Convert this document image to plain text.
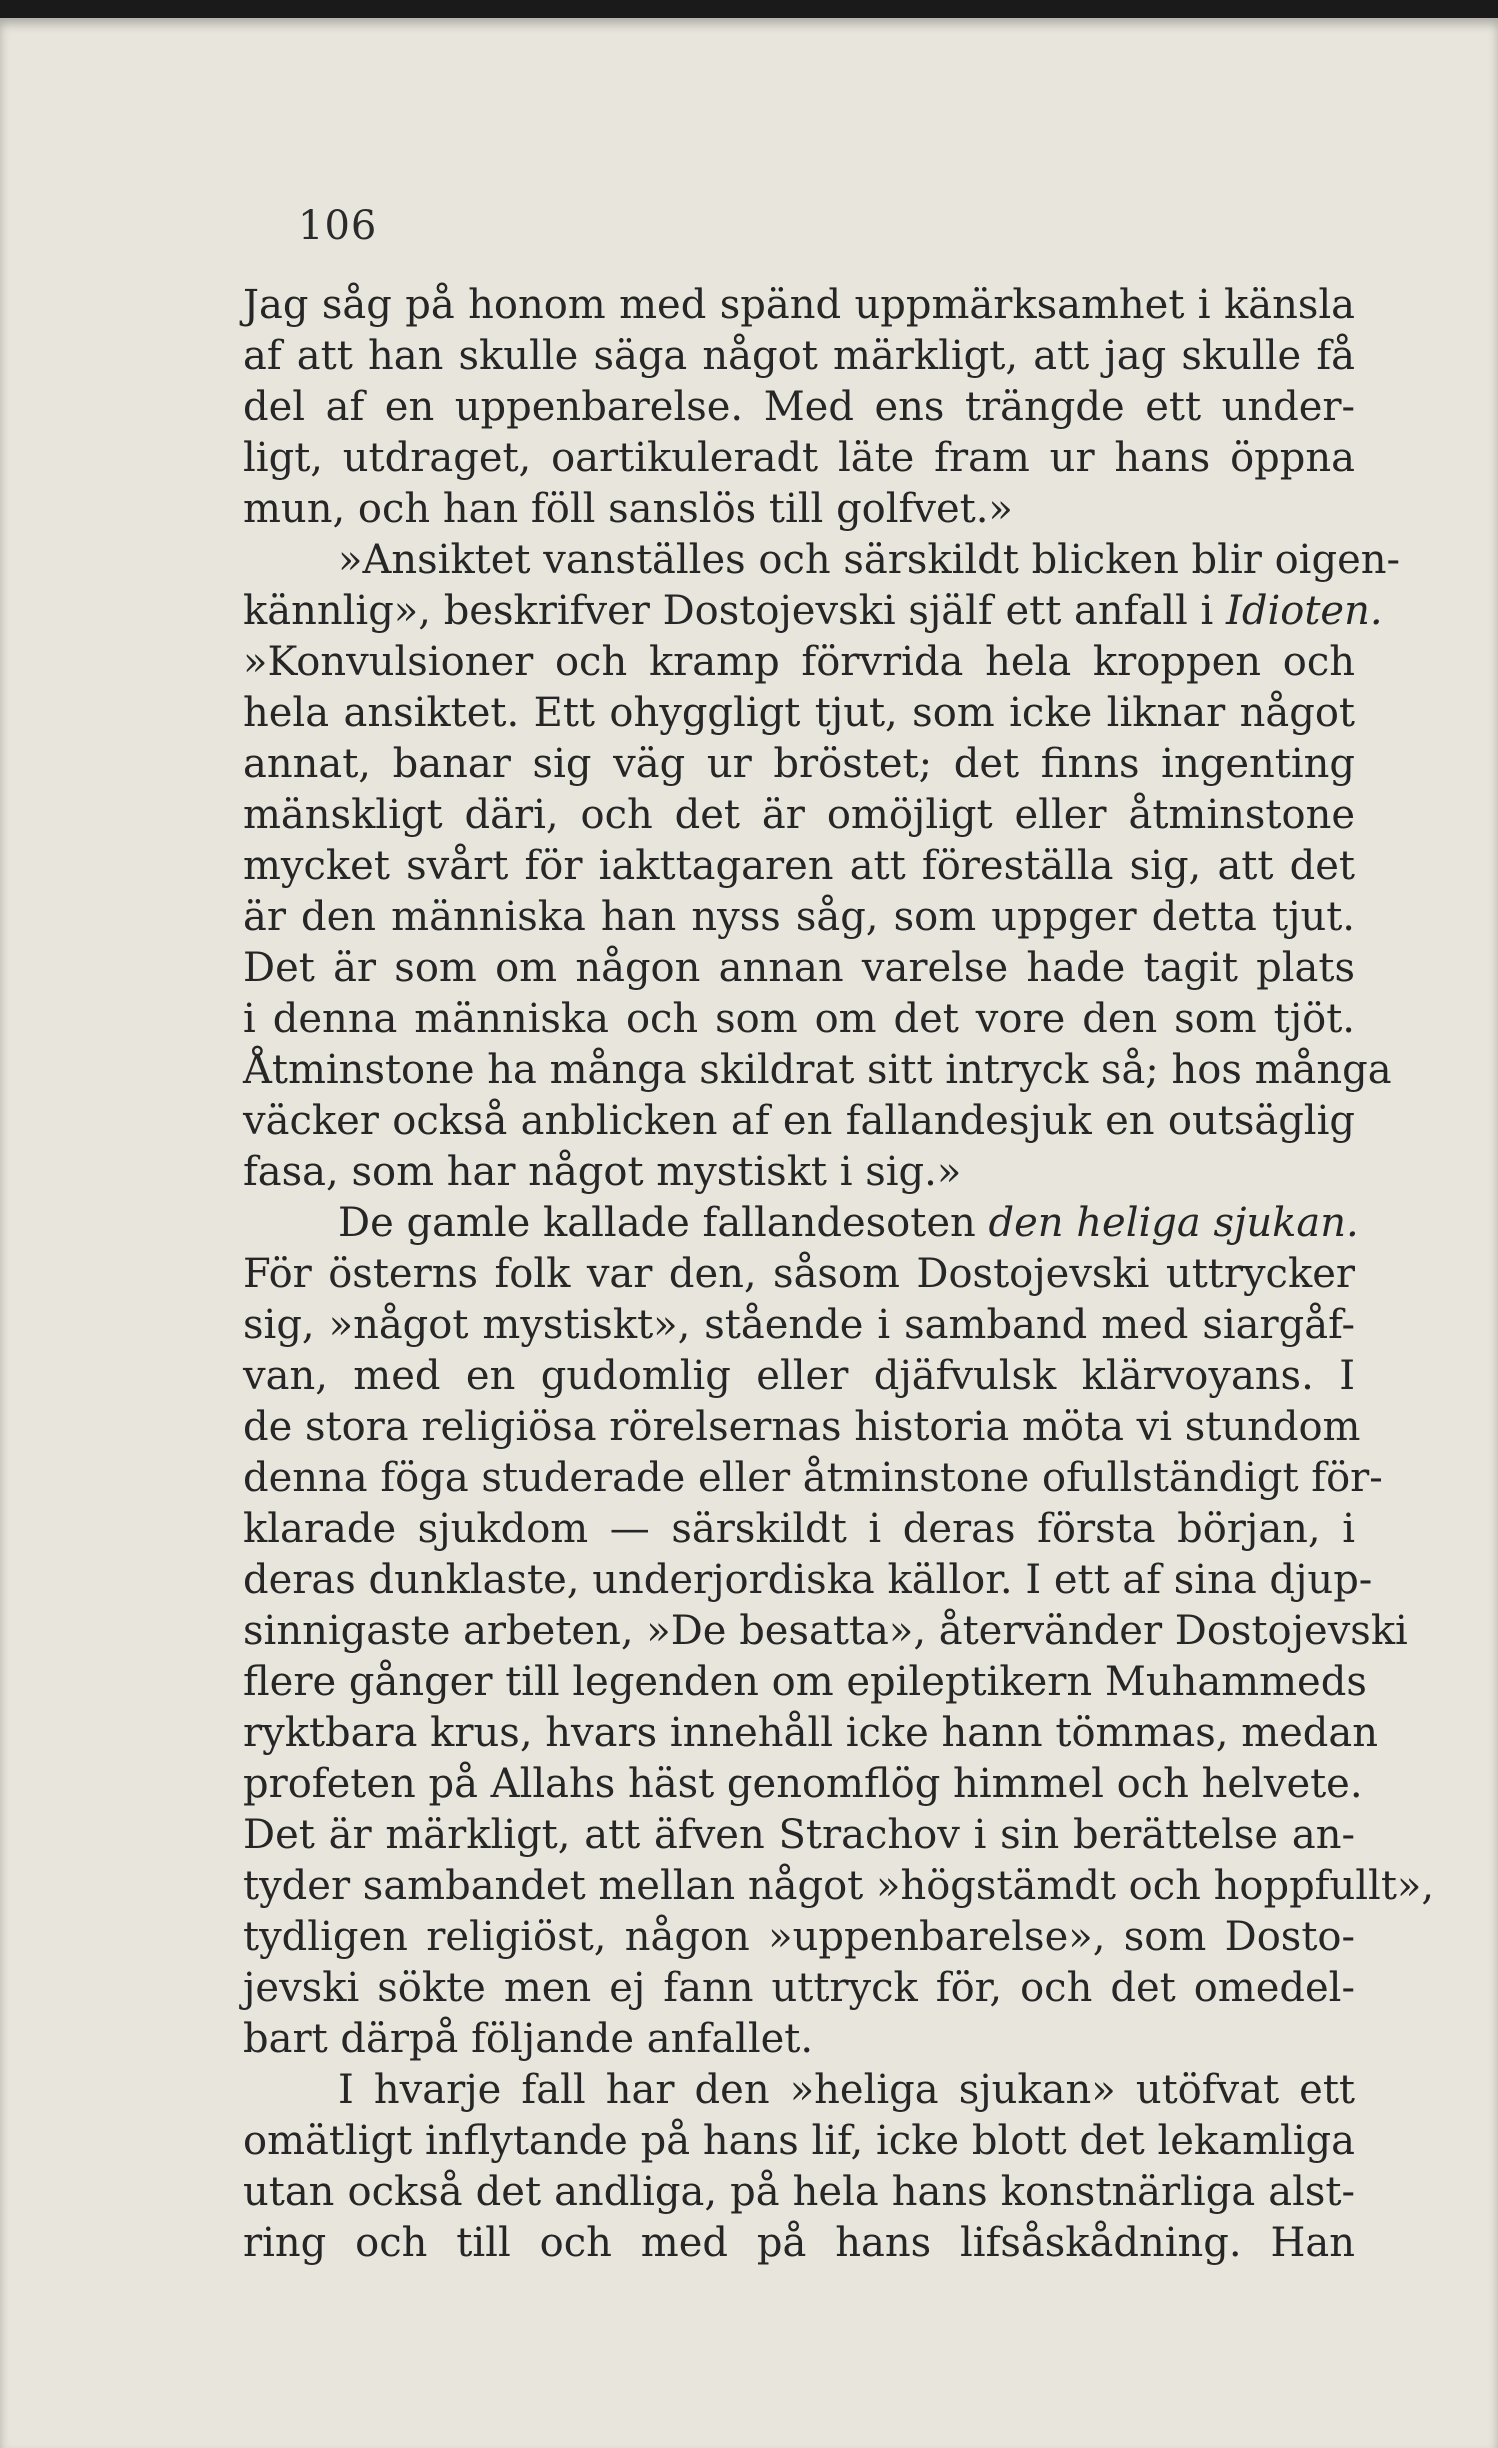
106
Jag såg på honom med spänd uppmärksamhet i känsla
af att han skulle säga något märkligt, att jag skulle få
del af en uppenbarelse. Med ens trängde ett under-
ligt, utdraget, oartikuleradt läte fram ur hans öppna
mun, och han föll sanslös till golfvet.»
»Ansiktet vanställes och särskildt blicken blir oigen-
kännlig», beskrifver Dostojevski själf ett anfall i Idioten.
»Konvulsioner och kramp förvrida hela kroppen och
hela ansiktet. Ett ohyggligt tjut, som icke liknar något
annat, banar sig väg ur bröstet; det finns ingenting
mänskligt däri, och det är omöjligt eller åtminstone
mycket svårt för iakttagaren att föreställa sig, att det
är den människa han nyss såg, som uppger detta tjut.
Det är som om någon annan varelse hade tagit plats
i denna människa och som om det vore den som tjöt.
Åtminstone ha många skildrat sitt intryck så; hos många
väcker också anblicken af en fallandesjuk en outsäglig
fasa, som har något mystiskt i sig.»
De gamle kallade fallandesoten den heliga sjukan.
För österns folk var den, såsom Dostojevski uttrycker
sig, »något mystiskt», stående i samband med siargåf-
van, med en gudomlig eller djäfvulsk klärvoyans. I
de stora religiösa rörelsernas historia möta vi stundom
denna föga studerade eller åtminstone ofullständigt för-
klarade sjukdom — särskildt i deras första början, i
deras dunklaste, underjordiska källor. I ett af sina djup-
sinnigaste arbeten, »De besatta», återvänder Dostojevski
flere gånger till legenden om epileptikern Muhammeds
ryktbara krus, hvars innehåll icke hann tömmas, medan
profeten på Allahs häst genomflög himmel och helvete.
Det är märkligt, att äfven Strachov i sin berättelse an-
tyder sambandet mellan något »högstämdt och hoppfullt»,
tydligen religiöst, någon »uppenbarelse», som Dosto-
jevski sökte men ej fann uttryck för, och det omedel-
bart därpå följande anfallet.
I hvarje fall har den »heliga sjukan» utöfvat ett
omätligt inflytande på hans lif, icke blott det lekamliga
utan också det andliga, på hela hans konstnärliga alst-
ring och till och med på hans lifsåskådning. Han
